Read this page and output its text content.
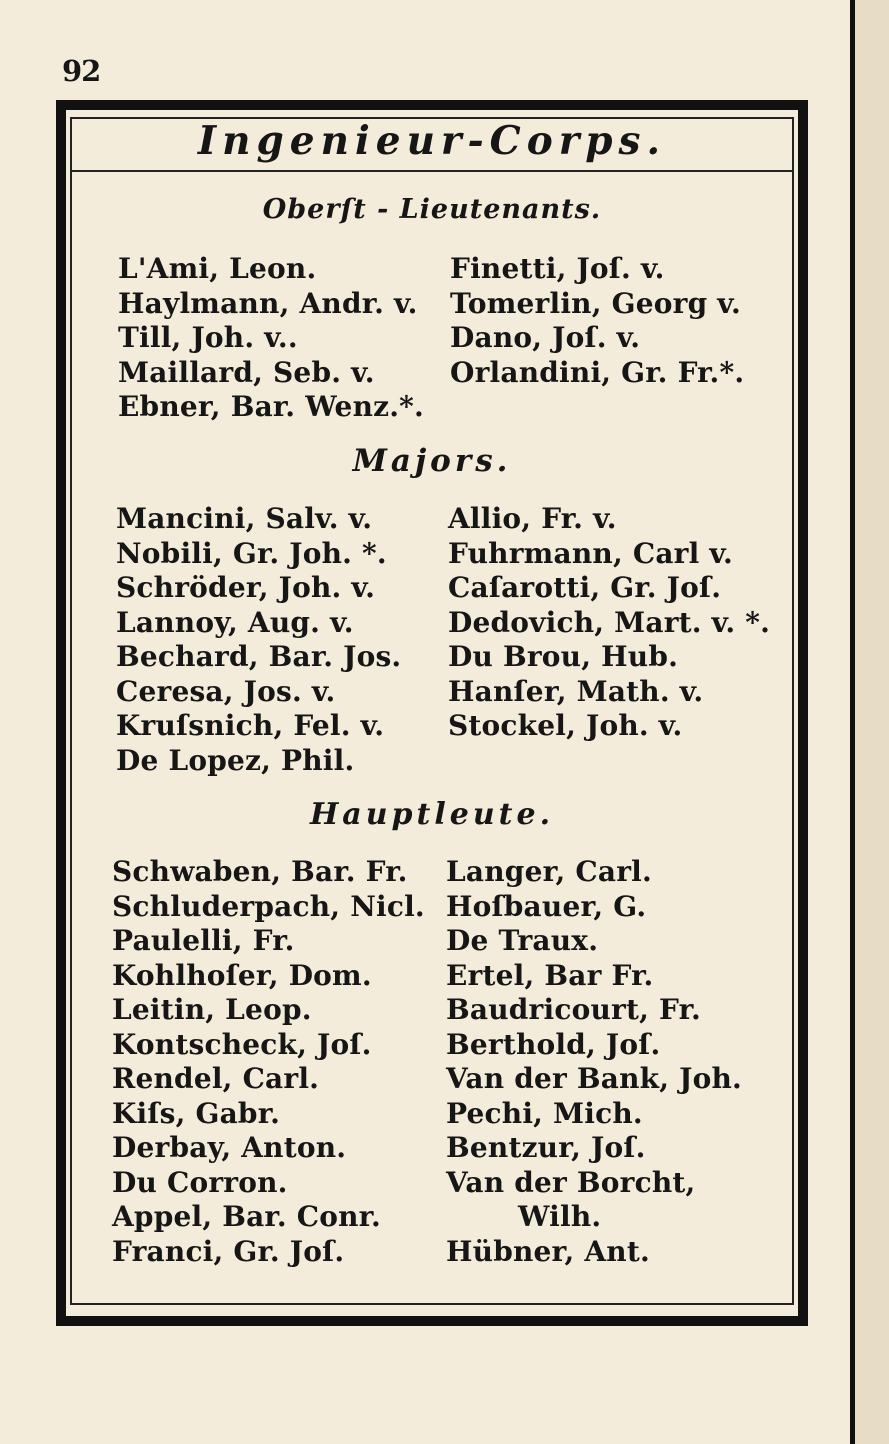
92
Ingenieur-Corps.
Oberſt - Lieutenants.
L'Ami, Leon.
Haylmann, Andr. v.
Till, Joh. v..
Maillard, Seb. v.
Ebner, Bar. Wenz.*.
Finetti, Joſ. v.
Tomerlin, Georg v.
Dano, Joſ. v.
Orlandini, Gr. Fr.*.
Majors.
Mancini, Salv. v.
Nobili, Gr. Joh. *.
Schröder, Joh. v.
Lannoy, Aug. v.
Bechard, Bar. Jos.
Ceresa, Jos. v.
Kruſsnich, Fel. v.
De Lopez, Phil.
Allio, Fr. v.
Fuhrmann, Carl v.
Caſarotti, Gr. Joſ.
Dedovich, Mart. v. *.
Du Brou, Hub.
Hanſer, Math. v.
Stockel, Joh. v.
Hauptleute.
Schwaben, Bar. Fr.
Schluderpach, Nicl.
Paulelli, Fr.
Kohlhoſer, Dom.
Leitin, Leop.
Kontscheck, Joſ.
Rendel, Carl.
Kiſs, Gabr.
Derbay, Anton.
Du Corron.
Appel, Bar. Conr.
Franci, Gr. Joſ.
Langer, Carl.
Hoſbauer, G.
De Traux.
Ertel, Bar Fr.
Baudricourt, Fr.
Berthold, Joſ.
Van der Bank, Joh.
Pechi, Mich.
Bentzur, Joſ.
Van der Borcht,
Wilh.
Hübner, Ant.
